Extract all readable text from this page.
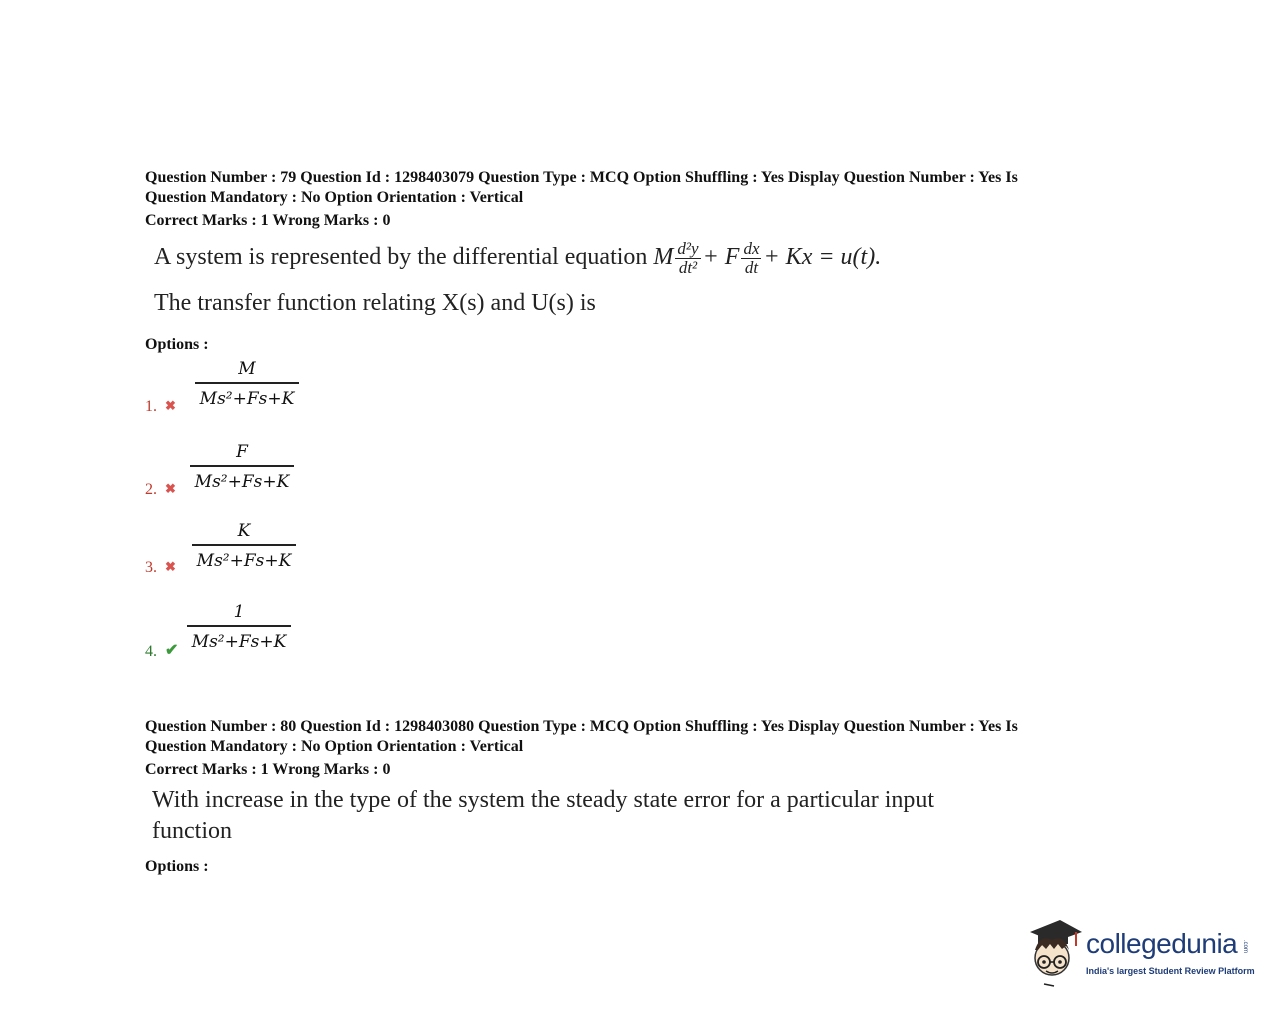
Question Number : 79 Question Id : 1298403079 Question Type : MCQ Option Shuffling : Yes Display Question Number : Yes Is
Question Mandatory : No Option Orientation : Vertical
Correct Marks : 1 Wrong Marks : 0
A system is represented by the differential equation M $\frac{\text{d²y}}{\text{dt²}} + F \frac{dx}{dt} + Kx = u(t)$.
The transfer function relating X(s) and U(s) is
Options :
1. ✖
M
Ms²+Fs+K
2. ✖
F
Ms²+Fs+K
3. ✖
K
Ms²+Fs+K
4. ✔
1
Ms²+Fs+K
Question Number : 80 Question Id : 1298403080 Question Type : MCQ Option Shuffling : Yes Display Question Number : Yes Is
Question Mandatory : No Option Orientation : Vertical
Correct Marks : 1 Wrong Marks : 0
With increase in the type of the system the steady state error for a particular input
function
Options :
collegedunia .com
India's largest Student Review Platform
